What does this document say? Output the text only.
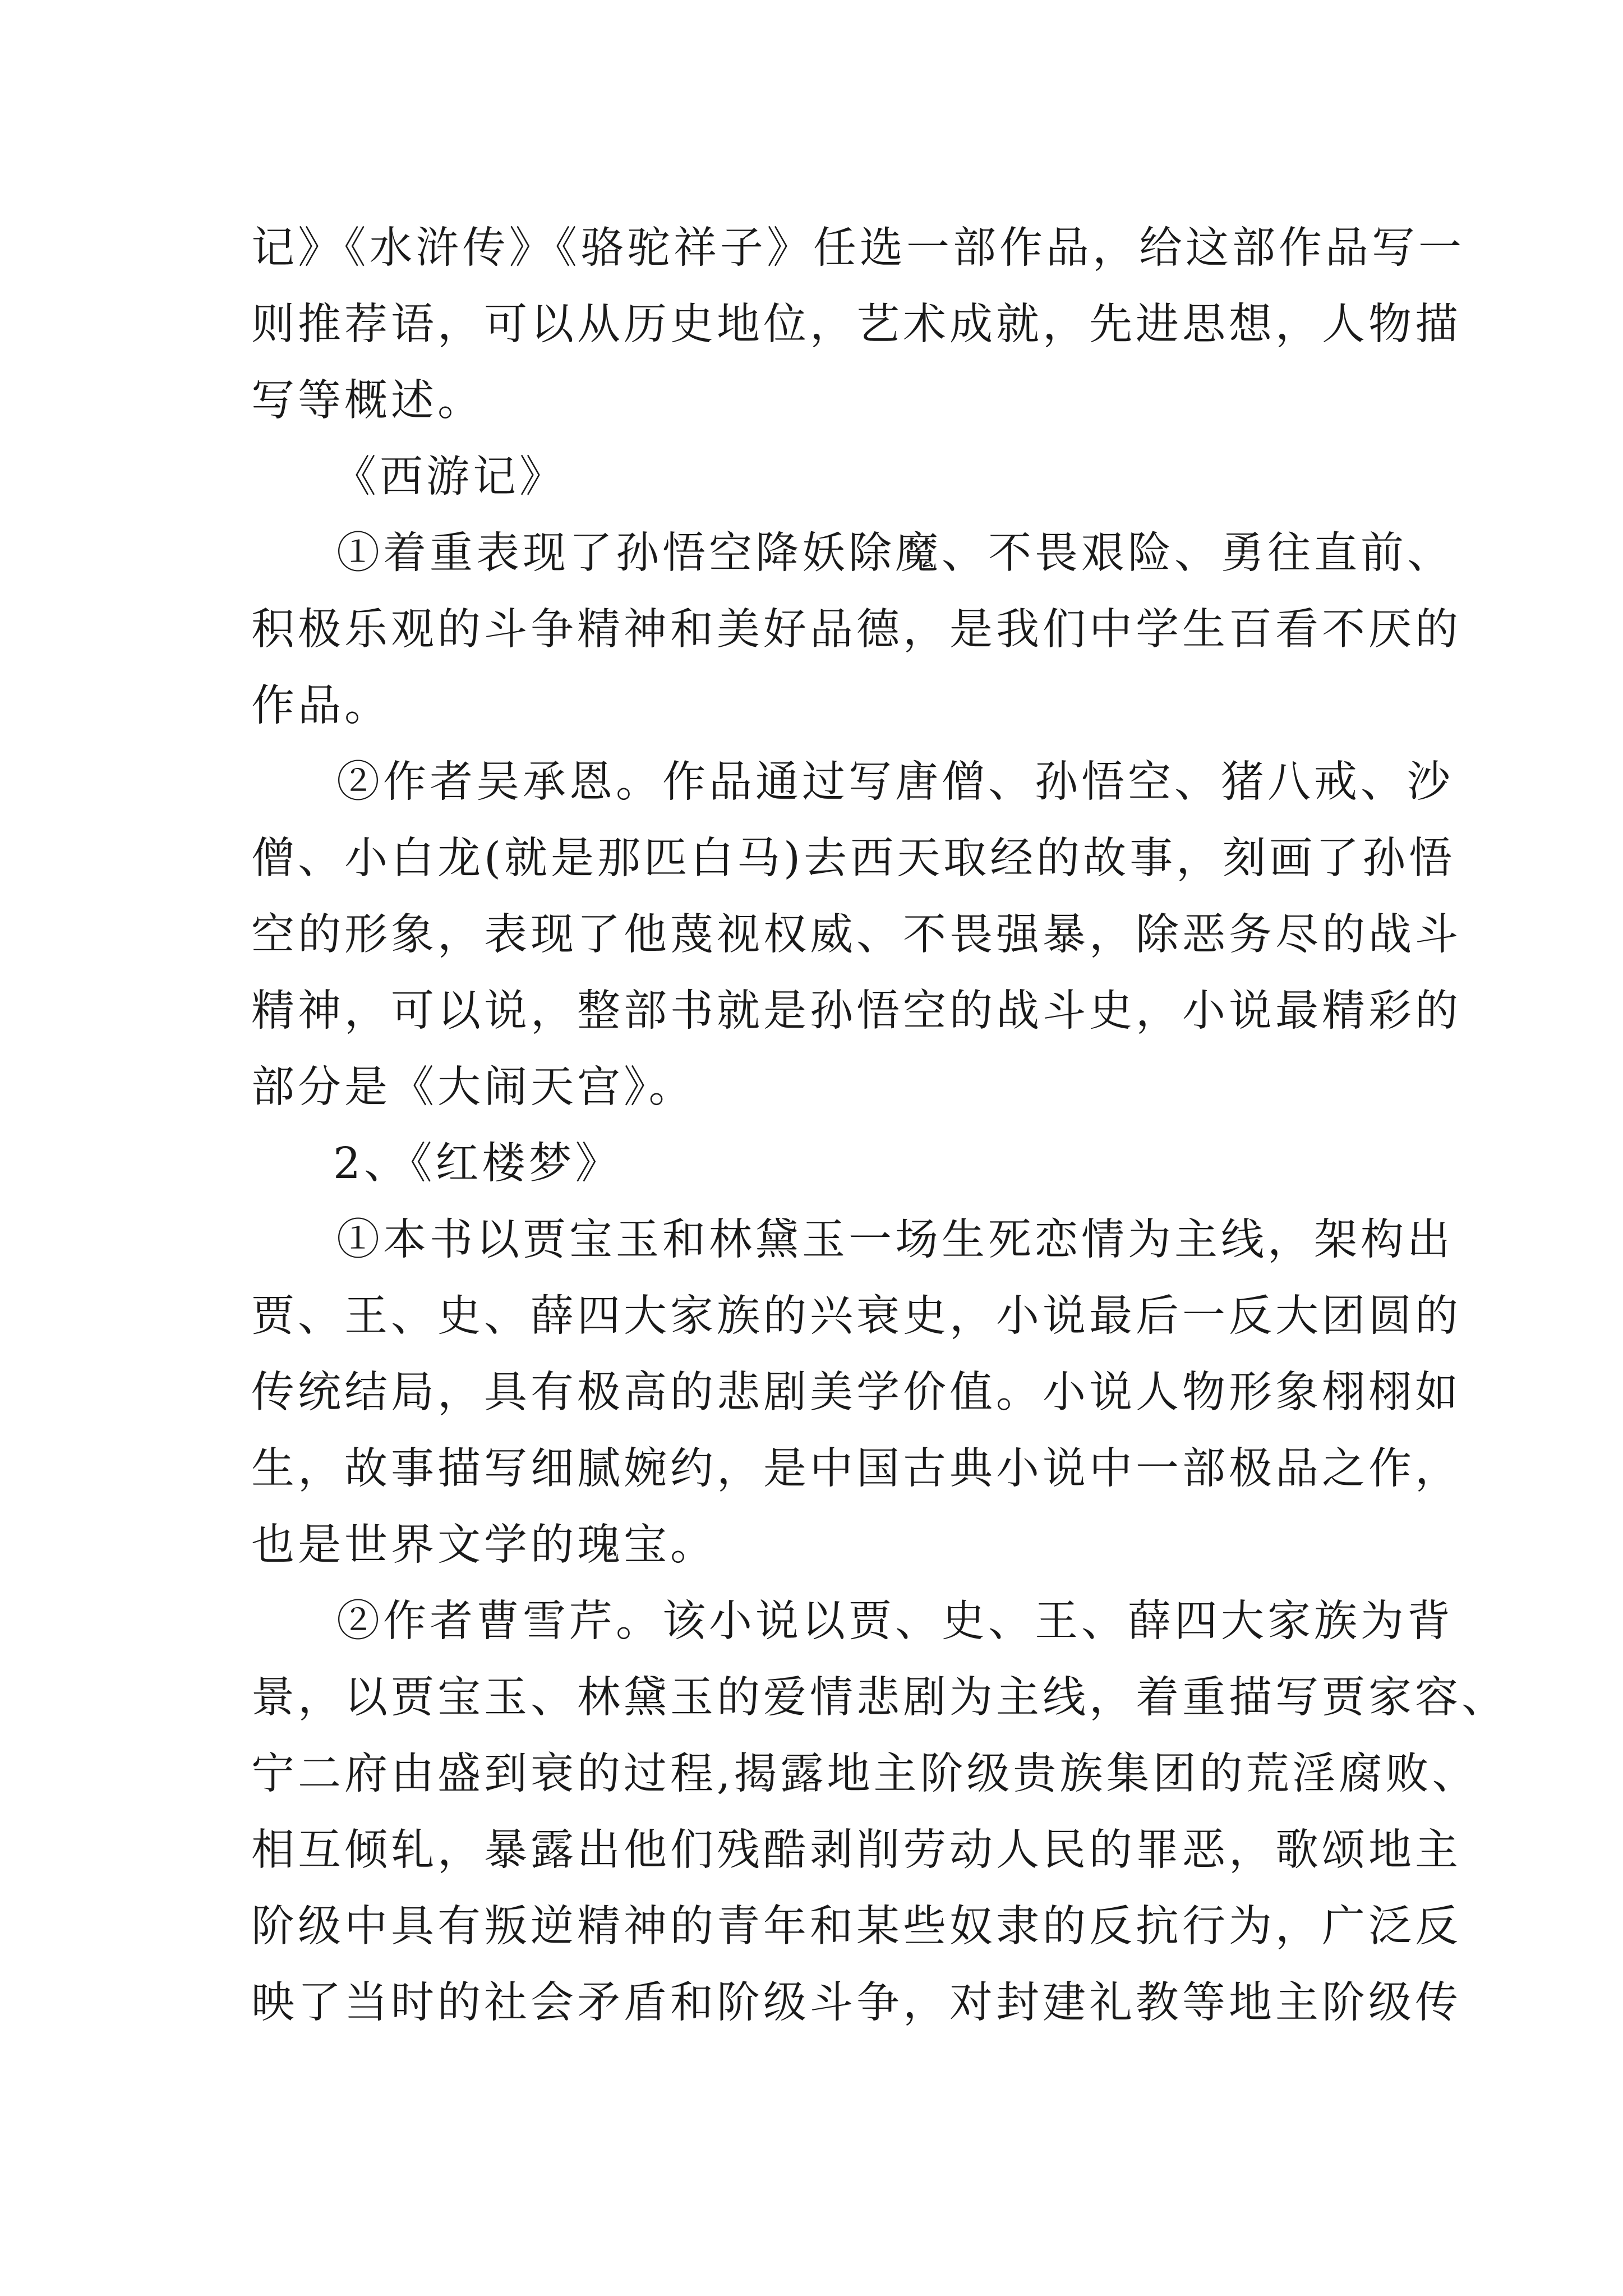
记》《水浒传》《骆驼祥子》任选一部作品，给这部作品写一
则推荐语，可以从历史地位，艺术成就，先进思想，人物描
写等概述。
《西游记》
①着重表现了孙悟空降妖除魔、不畏艰险、勇往直前、
积极乐观的斗争精神和美好品德，是我们中学生百看不厌的
作品。
②作者吴承恩。作品通过写唐僧、孙悟空、猪八戒、沙
僧、小白龙(就是那匹白马)去西天取经的故事，刻画了孙悟
空的形象，表现了他蔑视权威、不畏强暴，除恶务尽的战斗
精神，可以说，整部书就是孙悟空的战斗史，小说最精彩的
部分是《大闹天宫》。
2、《红楼梦》
①本书以贾宝玉和林黛玉一场生死恋情为主线，架构出
贾、王、史、薛四大家族的兴衰史，小说最后一反大团圆的
传统结局，具有极高的悲剧美学价值。小说人物形象栩栩如
生，故事描写细腻婉约，是中国古典小说中一部极品之作，
也是世界文学的瑰宝。
②作者曹雪芹。该小说以贾、史、王、薛四大家族为背
景，以贾宝玉、林黛玉的爱情悲剧为主线，着重描写贾家容、
宁二府由盛到衰的过程,揭露地主阶级贵族集团的荒淫腐败、
相互倾轧，暴露出他们残酷剥削劳动人民的罪恶，歌颂地主
阶级中具有叛逆精神的青年和某些奴隶的反抗行为，广泛反
映了当时的社会矛盾和阶级斗争，对封建礼教等地主阶级传
